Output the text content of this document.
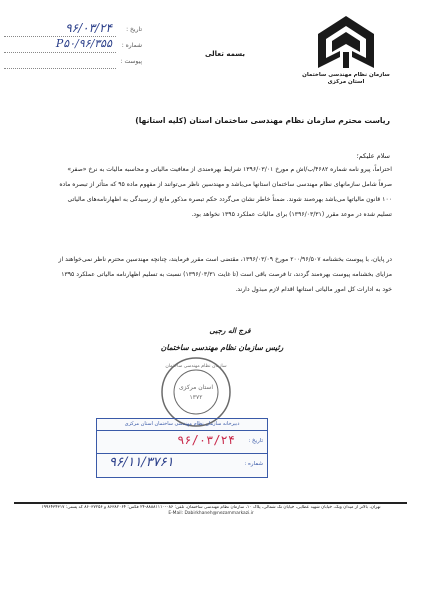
سازمان نظام مهندسی ساختمان استان مرکزی
بسمه تعالی
تاریخ :
۹۶/۰۳/۲۴
شماره :
P۵۰/۹۶/۳۵۵
پیوست :
ریاست محترم سازمان نظام مهندسی ساختمان استان (کلیه استانها)
سلام علیکم؛
احتراماً، پیرو نامه شماره ۴۶۸۲/ب/ا‌ش م مورخ ۱۳۹۶/۰۳/۰۱ شرایط بهره‌مندی از معافیت مالیاتی و محاسبه مالیات به نرخ «صفر» صرفاً شامل سازمانهای نظام مهندسی ساختمان استانها می‌باشد و مهندسین ناظر می‌توانند از مفهوم ماده ۹۵ که متأثر از تبصره ماده ۱۰۰ قانون مالیاتها می‌باشد بهره‌مند شوند. ضمناً خاطر نشان می‌گردد حکم تبصره مذکور مانع از رسیدگی به اظهارنامه‌های مالیاتی تسلیم شده در موعد مقرر (۱۳۹۶/۰۳/۳۱) برای مالیات عملکرد ۱۳۹۵ نخواهد بود.
در پایان، با پیوست بخشنامه ۲۰۰/۹۶/۵۰۷ مورخ ۱۳۹۶/۰۳/۰۹، مقتضی است مقرر فرمایند، چنانچه مهندسین محترم ناظر نمی‌خواهند از مزایای بخشنامه پیوست بهره‌مند گردند، تا فرصت باقی است (تا غایت ۱۳۹۶/۰۳/۳۱) نسبت به تسلیم اظهارنامه مالیاتی عملکرد ۱۳۹۵ خود به ادارات کل امور مالیاتی استانها اقدام لازم مبذول دارند.
فرج اله رجبی
رئیس سازمان نظام مهندسی ساختمان
استان مرکزی
۱۳۷۲
سازمان نظام مهندسی ساختمان
دبیرخانه سازمان نظام مهندسی ساختمان استان مرکزی
تاریخ :
۹۶/۰۳/۲۴
شماره :
۹۶/۱۱/۳۷۶۱
تهران، بالاتر از میدان ونک، خیابان شهید عطایی، خیابان تک شمالی، پلاک ۱۰، سازمان نظام مهندسی ساختمان، تلفن: ۰۸۶-۸۸۸۸۱۱۱۰-۲۴ فکس: ۸۶۳۸۲۰۶۴ و ۸۶۰۳۷۲۵۶ کد پستی: ۱۹۹۶۴۳۴۳۱۷
E-Mail: Dabirkhaneh@nezammarkazi.ir
